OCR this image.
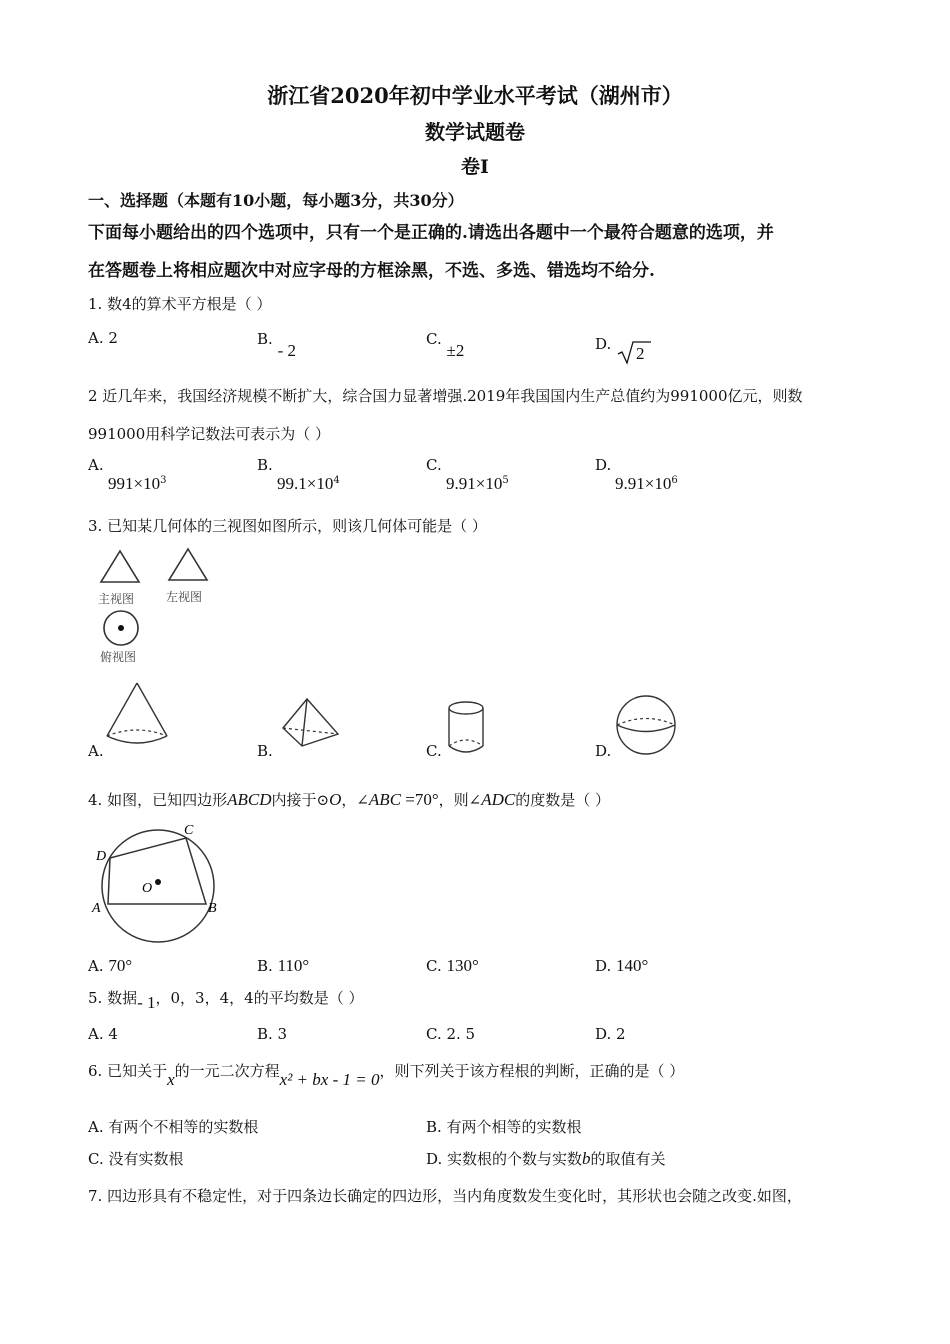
浙江省2020年初中学业水平考试（湖州市）
数学试题卷
卷Ⅰ
一、选择题（本题有10小题，每小题3分，共30分）
下面每小题给出的四个选项中，只有一个是正确的.请选出各题中一个最符合题意的选项，并
在答题卷上将相应题次中对应字母的方框涂黑，不选、多选、错选均不给分.
1. 数4的算术平方根是（ ）
A. 2	B. - 2
C. ±2	D. 2
2 近几年来，我国经济规模不断扩大，综合国力显著增强.2019年我国国内生产总值约为991000亿元，则数
991000用科学记数法可表示为（ ）
A.
$991\times 10^3$
B.
$99.1\times 10^4$
C.
$9.91\times 10^5$
D.
$9.91\times 10^6$
3. 已知某几何体的三视图如图所示，则该几何体可能是（ ）
主视图	左视图
俯视图
A.	B.	C.	D.
4. 如图，已知四边形ABCD内接于⊙O，∠ABC =70°，则∠ADC的度数是（ ）
A	B
C
D
O
A. 70°	B. 110°	C. 130°	D. 140°
5. 数据- 1，0，3，4，4的平均数是（ ）
A. 4	B. 3	C. 2. 5	D. 2
6. 已知关于x的一元二次方程x² + bx - 1 = 0，则下列关于该方程根的判断，正确的是（ ）
A. 有两个不相等的实数根	B. 有两个相等的实数根
C. 没有实数根	D. 实数根的个数与实数b的取值有关
7. 四边形具有不稳定性，对于四条边长确定的四边形，当内角度数发生变化时，其形状也会随之改变.如图，
